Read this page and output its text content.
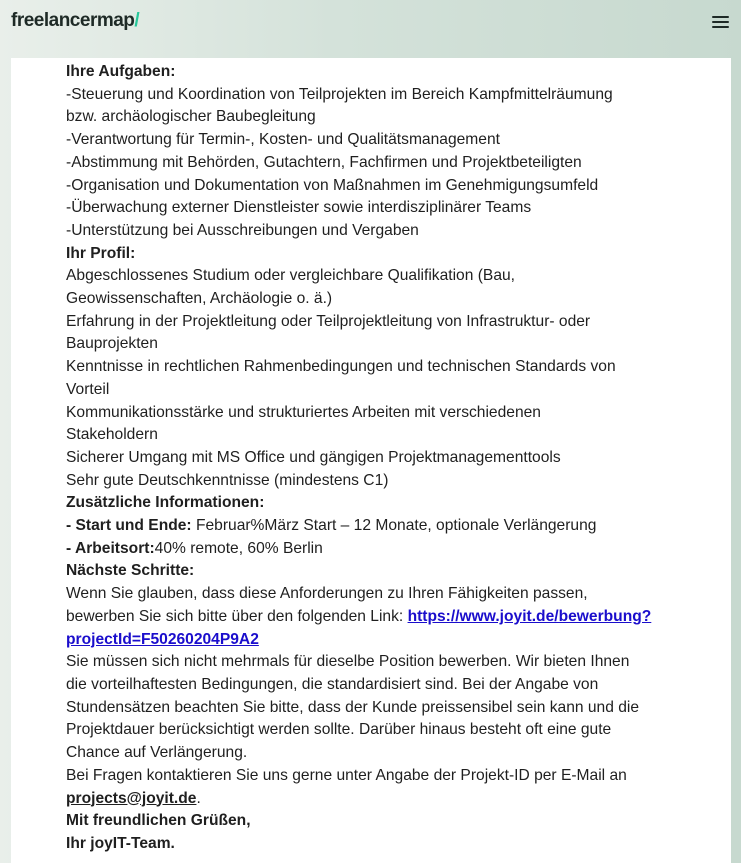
freelancermap/
Ihre Aufgaben:
-Steuerung und Koordination von Teilprojekten im Bereich Kampfmittelräumung
bzw. archäologischer Baubegleitung
-Verantwortung für Termin-, Kosten- und Qualitätsmanagement
-Abstimmung mit Behörden, Gutachtern, Fachfirmen und Projektbeteiligten
-Organisation und Dokumentation von Maßnahmen im Genehmigungsumfeld
-Überwachung externer Dienstleister sowie interdisziplinärer Teams
-Unterstützung bei Ausschreibungen und Vergaben
Ihr Profil:
Abgeschlossenes Studium oder vergleichbare Qualifikation (Bau,
Geowissenschaften, Archäologie o. ä.)
Erfahrung in der Projektleitung oder Teilprojektleitung von Infrastruktur- oder
Bauprojekten
Kenntnisse in rechtlichen Rahmenbedingungen und technischen Standards von
Vorteil
Kommunikationsstärke und strukturiertes Arbeiten mit verschiedenen
Stakeholdern
Sicherer Umgang mit MS Office und gängigen Projektmanagementtools
Sehr gute Deutschkenntnisse (mindestens C1)
Zusätzliche Informationen:
- Start und Ende: Februar%März Start – 12 Monate, optionale Verlängerung
- Arbeitsort:40% remote, 60% Berlin
Nächste Schritte:
Wenn Sie glauben, dass diese Anforderungen zu Ihren Fähigkeiten passen,
bewerben Sie sich bitte über den folgenden Link: https://www.joyit.de/bewerbung?
projectId=F50260204P9A2
Sie müssen sich nicht mehrmals für dieselbe Position bewerben. Wir bieten Ihnen
die vorteilhaftesten Bedingungen, die standardisiert sind. Bei der Angabe von
Stundensätzen beachten Sie bitte, dass der Kunde preissensibel sein kann und die
Projektdauer berücksichtigt werden sollte. Darüber hinaus besteht oft eine gute
Chance auf Verlängerung.
Bei Fragen kontaktieren Sie uns gerne unter Angabe der Projekt-ID per E-Mail an
projects@joyit.de.
Mit freundlichen Grüßen,
Ihr joyIT-Team.
